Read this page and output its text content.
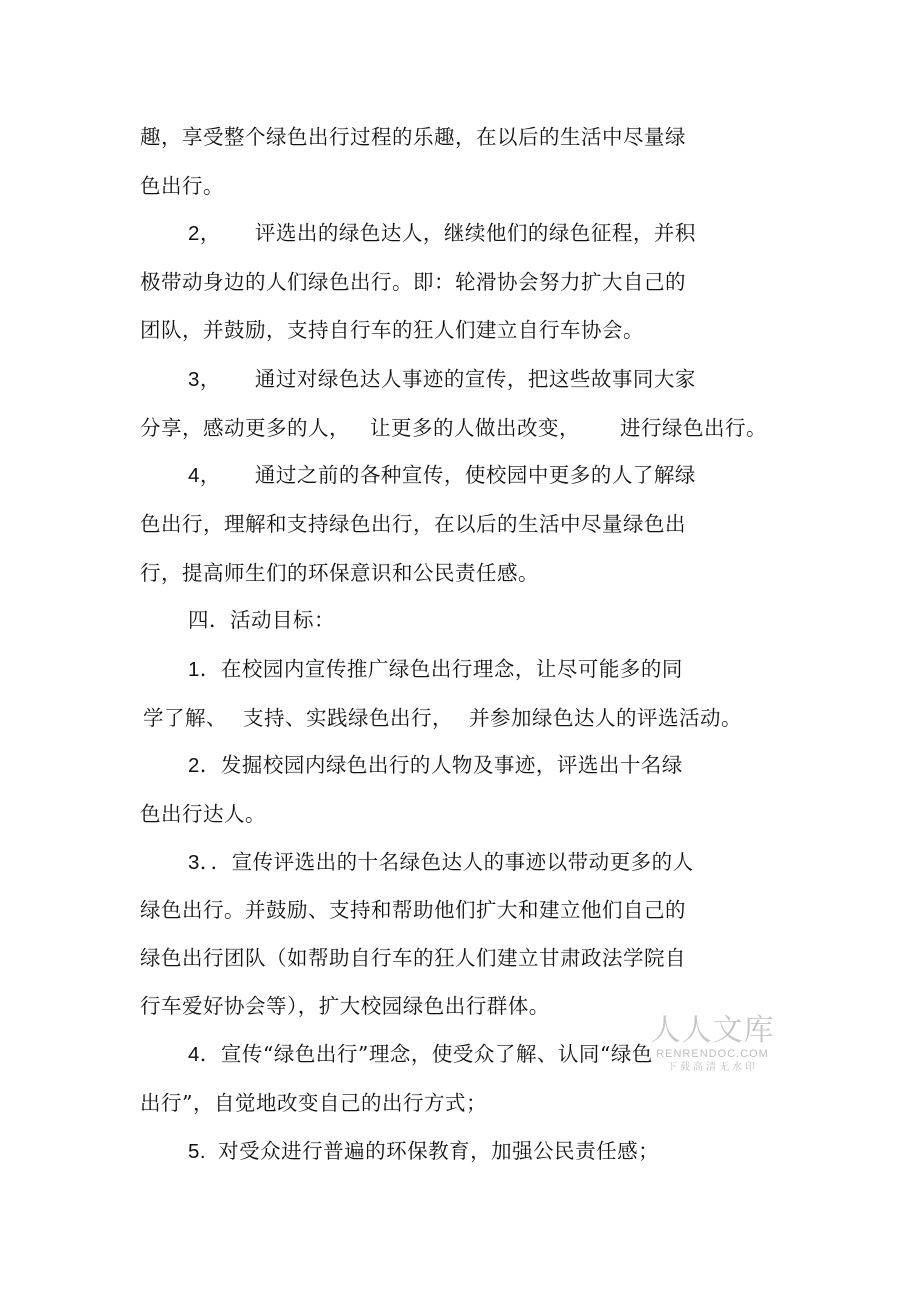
趣，享受整个绿色出行过程的乐趣，在以后的生活中尽量绿
色出行。
2， 评选出的绿色达人，继续他们的绿色征程，并积
极带动身边的人们绿色出行。即：轮滑协会努力扩大自己的
团队，并鼓励，支持自行车的狂人们建立自行车协会。
3， 通过对绿色达人事迹的宣传，把这些故事同大家
分享，感动更多的人， 让更多的人做出改变， 进行绿色出行。
4， 通过之前的各种宣传，使校园中更多的人了解绿
色出行，理解和支持绿色出行，在以后的生活中尽量绿色出
行，提高师生们的环保意识和公民责任感。
四．活动目标：
1．在校园内宣传推广绿色出行理念，让尽可能多的同
学了解、 支持、实践绿色出行， 并参加绿色达人的评选活动。
2．发掘校园内绿色出行的人物及事迹，评选出十名绿
色出行达人。
3．．宣传评选出的十名绿色达人的事迹以带动更多的人
绿色出行。并鼓励、支持和帮助他们扩大和建立他们自己的
绿色出行团队（如帮助自行车的狂人们建立甘肃政法学院自
行车爱好协会等），扩大校园绿色出行群体。
4．宣传“绿色出行”理念，使受众了解、认同“绿色
出行”，自觉地改变自己的出行方式；
5. 对受众进行普遍的环保教育，加强公民责任感；
人人文库
RENRENDOC.COM
下载高清无水印
